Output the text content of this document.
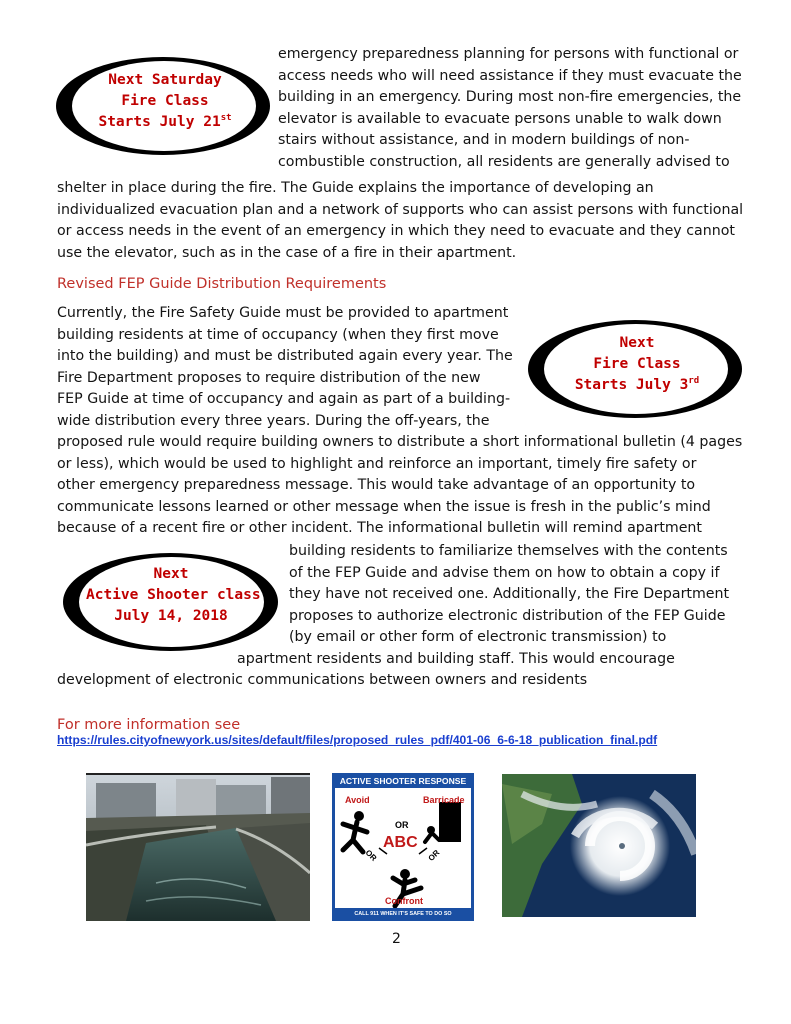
Next Saturday
Fire Class
Starts July 21st
emergency preparedness planning for persons with functional or
access needs who will need assistance if they must evacuate the
building in an emergency. During most non-fire emergencies, the
elevator is available to evacuate persons unable to walk down
stairs without assistance, and in modern buildings of non-
combustible construction, all residents are generally advised to
shelter in place during the fire. The Guide explains the importance of developing an
individualized evacuation plan and a network of supports who can assist persons with functional
or access needs in the event of an emergency in which they need to evacuate and they cannot
use the elevator, such as in the case of a fire in their apartment.
Revised FEP Guide Distribution Requirements
Next
Fire Class
Starts July 3rd
Currently, the Fire Safety Guide must be provided to apartment
building residents at time of occupancy (when they first move
into the building) and must be distributed again every year. The
Fire Department proposes to require distribution of the new
FEP Guide at time of occupancy and again as part of a building-
wide distribution every three years. During the off-years, the
proposed rule would require building owners to distribute a short informational bulletin (4 pages
or less), which would be used to highlight and reinforce an important, timely fire safety or
other emergency preparedness message. This would take advantage of an opportunity to
communicate lessons learned or other message when the issue is fresh in the public’s mind
because of a recent fire or other incident. The informational bulletin will remind apartment
building residents to familiarize themselves with the contents
of the FEP Guide and advise them on how to obtain a copy if
they have not received one. Additionally, the Fire Department
proposes to authorize electronic distribution of the FEP Guide
(by email or other form of electronic transmission) to
apartment residents and building staff. This would encourage
development of electronic communications between owners and residents
Next
Active Shooter class
July 14, 2018
For more information see
https://rules.cityofnewyork.us/sites/default/files/proposed_rules_pdf/401-06_6-6-18_publication_final.pdf
ACTIVE SHOOTER RESPONSE
Avoid	Barricade
OR
ABC
OR	OR
Confront
CALL 911 WHEN IT'S SAFE TO DO SO
2
